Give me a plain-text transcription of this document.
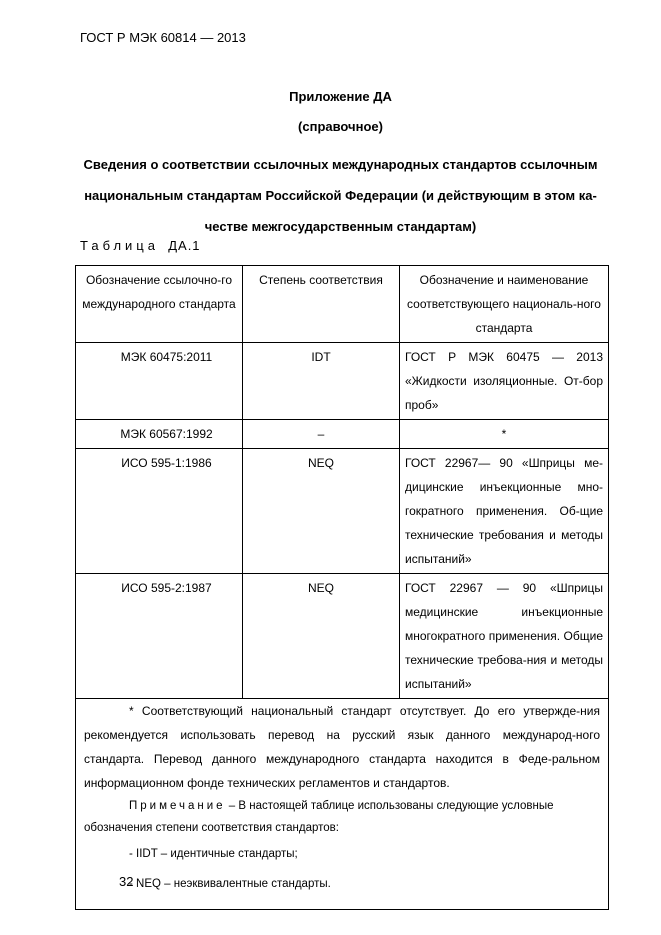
ГОСТ Р МЭК 60814 — 2013
Приложение ДА
(справочное)
Сведения о соответствии ссылочных международных стандартов ссылочным национальным стандартам Российской Федерации (и действующим в этом ка-честве межгосударственным стандартам)
Таблица ДА.1
Обозначение ссылочно-го международного стандарта	Степень соответствия	Обозначение и наименование соответствующего националь-ного стандарта
МЭК 60475:2011	IDT	ГОСТ Р МЭК 60475 — 2013 «Жидкости изоляционные. От-бор проб»
МЭК 60567:1992	–	*
ИСО 595-1:1986	NEQ	ГОСТ 22967— 90 «Шприцы ме-дицинские инъекционные мно-гократного применения. Об-щие технические требования и методы испытаний»
ИСО 595-2:1987	NEQ	ГОСТ 22967 — 90 «Шприцы медицинские инъекционные многократного применения. Общие технические требова-ния и методы испытаний»

* Соответствующий национальный стандарт отсутствует. До его утвержде-ния рекомендуется использовать перевод на русский язык данного международ-ного стандарта. Перевод данного международного стандарта находится в Феде-ральном информационном фонде технических регламентов и стандартов.
Примечание – В настоящей таблице использованы следующие условные
обозначения степени соответствия стандартов:
- IIDT – идентичные стандарты;
- NEQ – неэквивалентные стандарты.		
32
